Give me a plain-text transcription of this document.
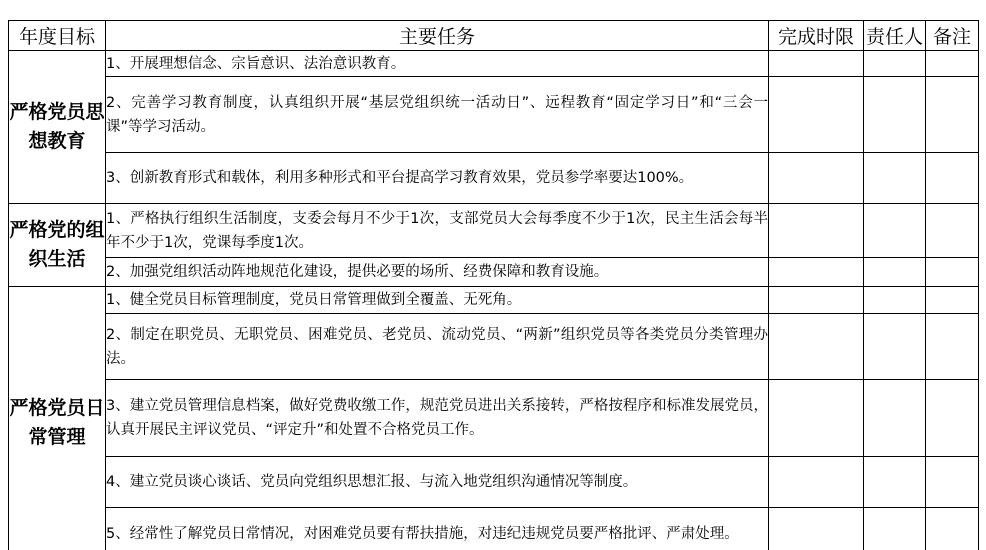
年度目标	主要任务	完成时限	责任人	备注
严格党员思想教育	1、开展理想信念、宗旨意识、法治意识教育。			
	2、完善学习教育制度，认真组织开展“基层党组织统一活动日”、远程教育“固定学习日”和“三会一课”等学习活动。			
	3、创新教育形式和载体，利用多种形式和平台提高学习教育效果，党员参学率要达100%。			
严格党的组织生活	1、严格执行组织生活制度，支委会每月不少于1次，支部党员大会每季度不少于1次，民主生活会每半年不少于1次，党课每季度1次。			
	2、加强党组织活动阵地规范化建设，提供必要的场所、经费保障和教育设施。			
严格党员日常管理	1、健全党员目标管理制度，党员日常管理做到全覆盖、无死角。			
	2、制定在职党员、无职党员、困难党员、老党员、流动党员、“两新”组织党员等各类党员分类管理办法。			
	3、建立党员管理信息档案，做好党费收缴工作，规范党员进出关系接转，严格按程序和标准发展党员，认真开展民主评议党员、“评定升”和处置不合格党员工作。			
	4、建立党员谈心谈话、党员向党组织思想汇报、与流入地党组织沟通情况等制度。			
	5、经常性了解党员日常情况，对困难党员要有帮扶措施，对违纪违规党员要严格批评、严肃处理。			
